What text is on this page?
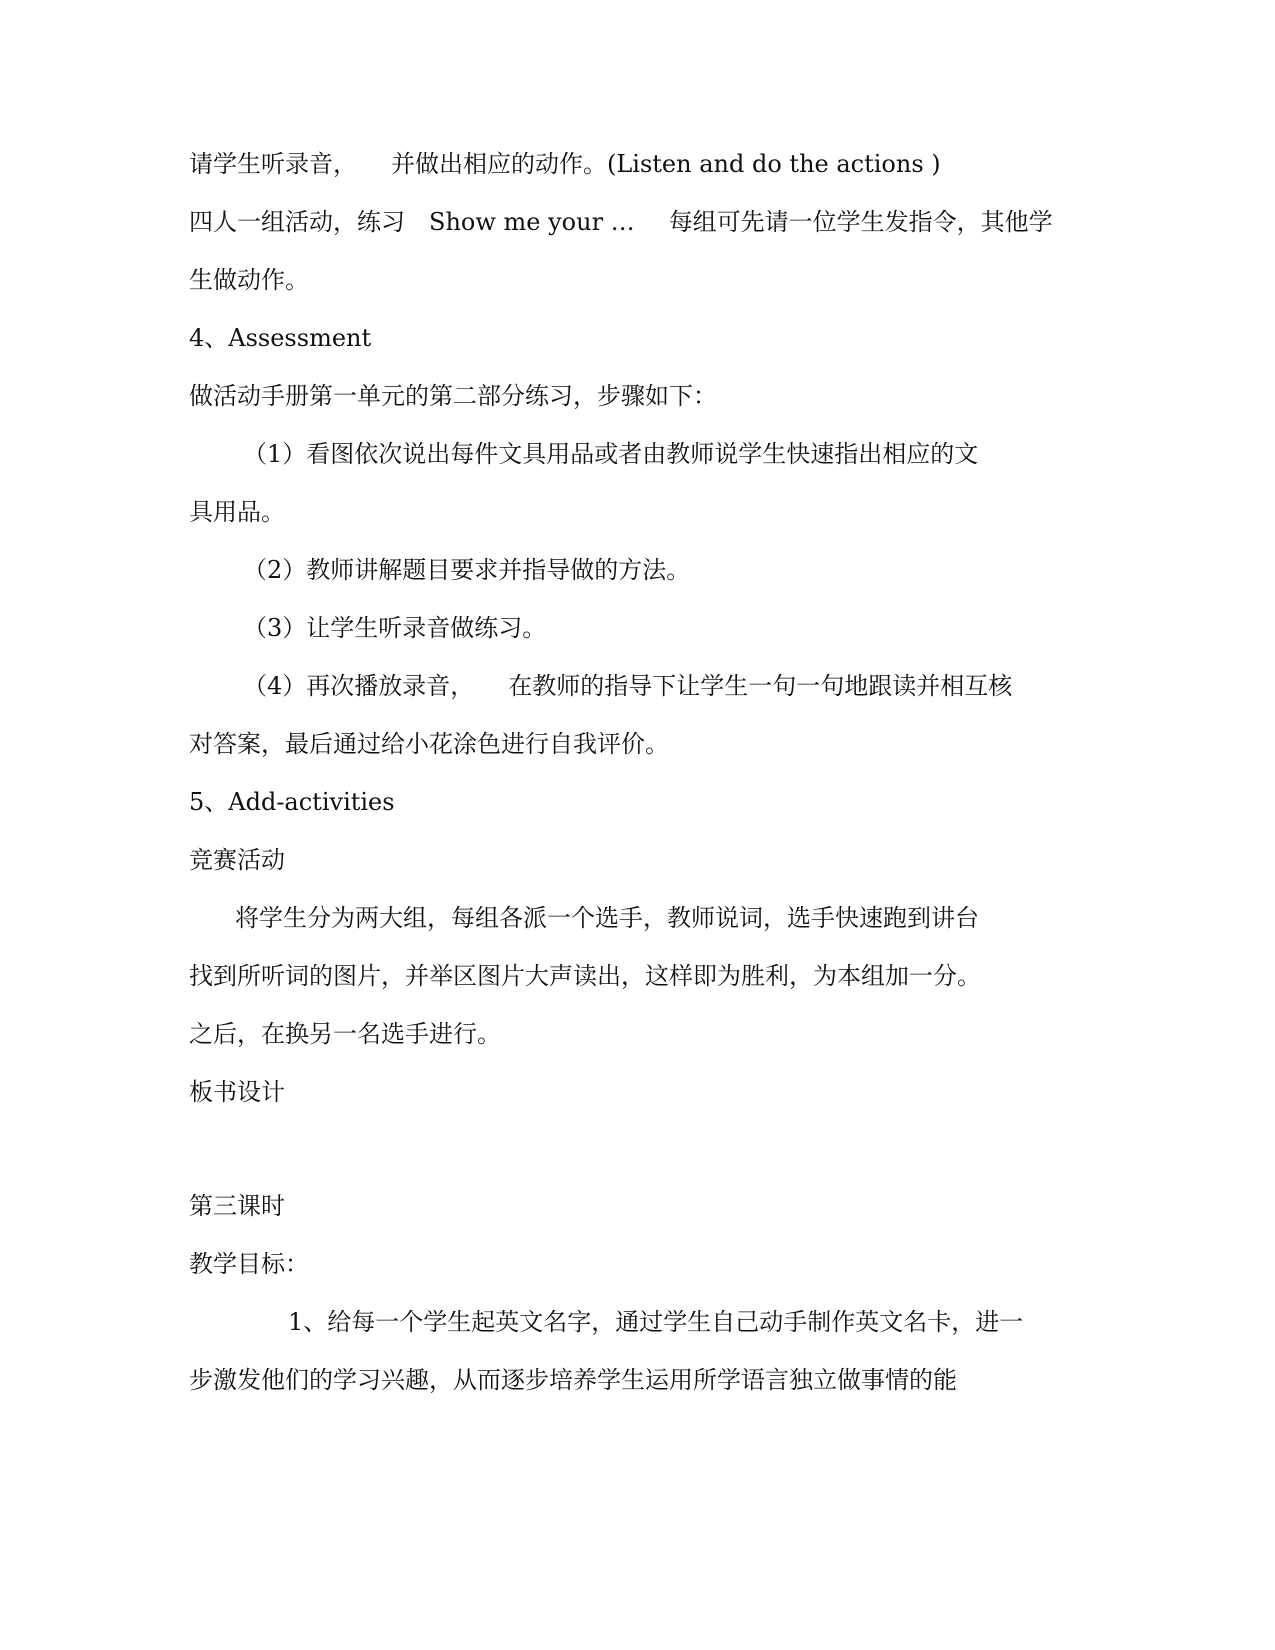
请学生听录音， 并做出相应的动作。(Listen and do the actions )
四人一组活动，练习 Show me your … 每组可先请一位学生发指令，其他学
生做动作。
4、Assessment
做活动手册第一单元的第二部分练习，步骤如下：
（1）看图依次说出每件文具用品或者由教师说学生快速指出相应的文
具用品。
（2）教师讲解题目要求并指导做的方法。
（3）让学生听录音做练习。
（4）再次播放录音， 在教师的指导下让学生一句一句地跟读并相互核
对答案，最后通过给小花涂色进行自我评价。
5、Add-activities
竞赛活动
将学生分为两大组，每组各派一个选手，教师说词，选手快速跑到讲台
找到所听词的图片，并举区图片大声读出，这样即为胜利，为本组加一分。
之后，在换另一名选手进行。
板书设计
第三课时
教学目标：
1、给每一个学生起英文名字，通过学生自己动手制作英文名卡，进一
步激发他们的学习兴趣，从而逐步培养学生运用所学语言独立做事情的能
